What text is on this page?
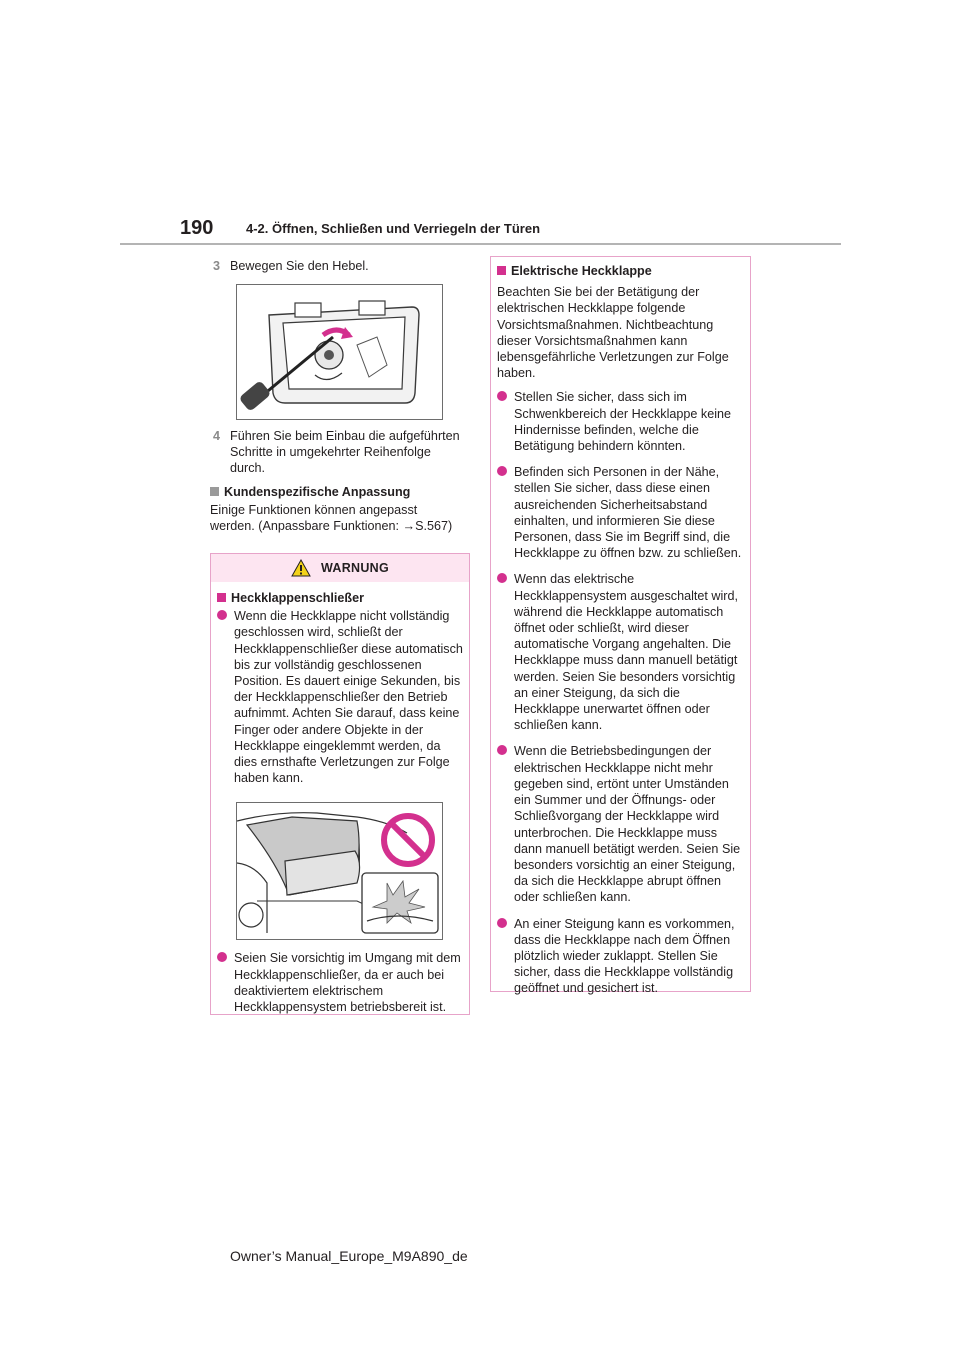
190	4-2. Öffnen, Schließen und Verriegeln der Türen
3 Bewegen Sie den Hebel.
4 Führen Sie beim Einbau die aufgeführten Schritte in umgekehrter Reihenfolge durch.
Kundenspezifische Anpassung
Einige Funktionen können angepasst werden. (Anpassbare Funktionen: →S.567)
WARNUNG
Heckklappenschließer
Wenn die Heckklappe nicht vollständig geschlossen wird, schließt der Heckklappenschließer diese automatisch bis zur vollständig geschlossenen Position. Es dauert einige Sekunden, bis der Heckklappenschließer den Betrieb aufnimmt. Achten Sie darauf, dass keine Finger oder andere Objekte in der Heckklappe eingeklemmt werden, da dies ernsthafte Verletzungen zur Folge haben kann.
Seien Sie vorsichtig im Umgang mit dem Heckklappenschließer, da er auch bei deaktiviertem elektrischem Heckklappensystem betriebsbereit ist.
Elektrische Heckklappe
Beachten Sie bei der Betätigung der elektrischen Heckklappe folgende Vorsichtsmaßnahmen. Nichtbeachtung dieser Vorsichtsmaßnahmen kann lebensgefährliche Verletzungen zur Folge haben.
Stellen Sie sicher, dass sich im Schwenkbereich der Heckklappe keine Hindernisse befinden, welche die Betätigung behindern könnten.
Befinden sich Personen in der Nähe, stellen Sie sicher, dass diese einen ausreichenden Sicherheitsabstand einhalten, und informieren Sie diese Personen, dass Sie im Begriff sind, die Heckklappe zu öffnen bzw. zu schließen.
Wenn das elektrische Heckklappensystem ausgeschaltet wird, während die Heckklappe automatisch öffnet oder schließt, wird dieser automatische Vorgang angehalten. Die Heckklappe muss dann manuell betätigt werden. Seien Sie besonders vorsichtig an einer Steigung, da sich die Heckklappe unerwartet öffnen oder schließen kann.
Wenn die Betriebsbedingungen der elektrischen Heckklappe nicht mehr gegeben sind, ertönt unter Umständen ein Summer und der Öffnungs- oder Schließvorgang der Heckklappe wird unterbrochen. Die Heckklappe muss dann manuell betätigt werden. Seien Sie besonders vorsichtig an einer Steigung, da sich die Heckklappe abrupt öffnen oder schließen kann.
An einer Steigung kann es vorkommen, dass die Heckklappe nach dem Öffnen plötzlich wieder zuklappt. Stellen Sie sicher, dass die Heckklappe vollständig geöffnet und gesichert ist.
Owner’s Manual_Europe_M9A890_de
